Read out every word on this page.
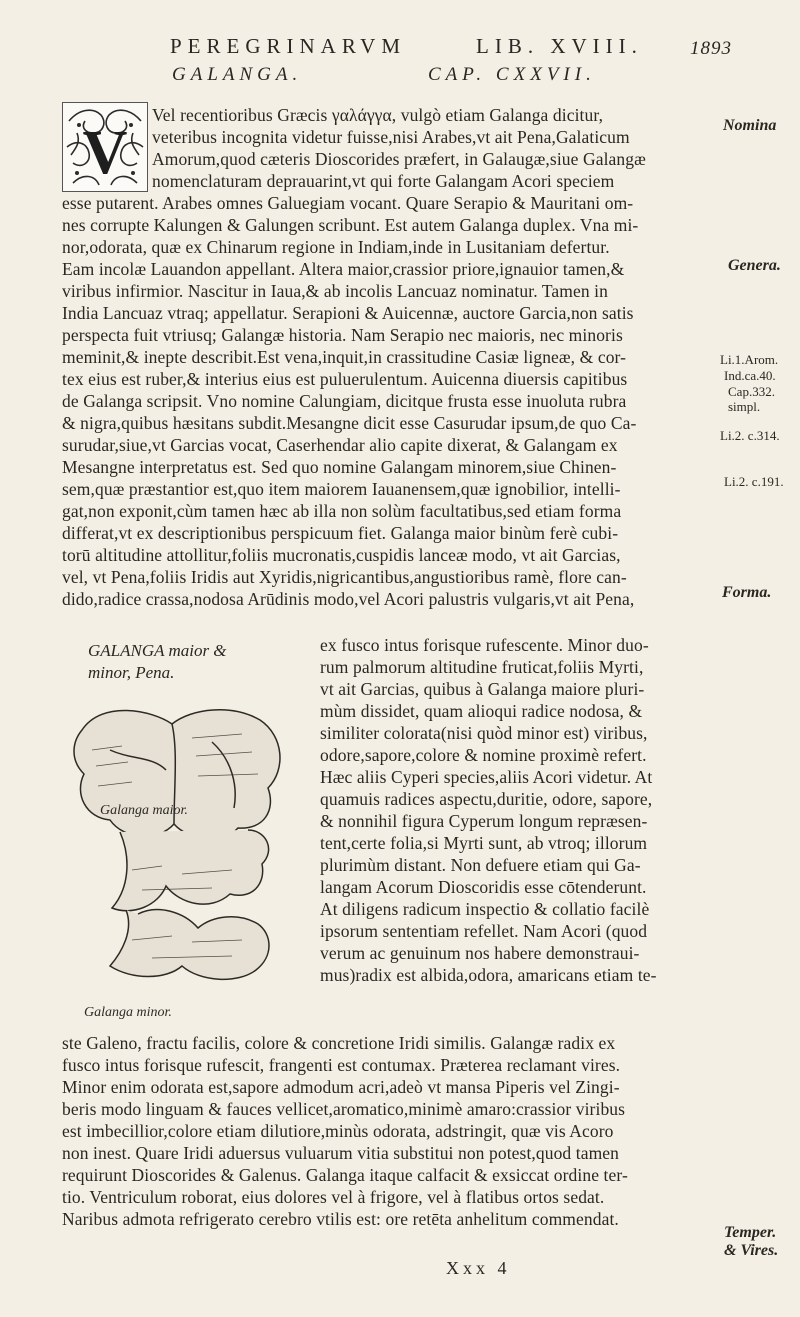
PEREGRINARVM	LIB. XVIII. 1893
GALANGA.	CAP. CXXVII.
V	Nomina
Genera.
Li.1.Arom.
Ind.ca.40.
Cap.332.
simpl.
Li.2. c.314.
Li.2. c.191.
Forma.
Temper.
& Vires.
Vel recentioribus Græcis γαλάγγα, vulgò etiam Galanga dicitur,
veteribus incognita videtur fuisse,nisi Arabes,vt ait Pena,Galaticum
Amorum,quod cæteris Dioscorides præfert, in Galaugæ,siue Galangæ
nomenclaturam deprauarint,vt qui forte Galangam Acori speciem
esse putarent. Arabes omnes Galuegiam vocant. Quare Serapio & Mauritani om-
nes corrupte Kalungen & Galungen scribunt. Est autem Galanga duplex. Vna mi-
nor,odorata, quæ ex Chinarum regione in Indiam,inde in Lusitaniam defertur.
Eam incolæ Lauandon appellant. Altera maior,crassior priore,ignauior tamen,&
viribus infirmior. Nascitur in Iaua,& ab incolis Lancuaz nominatur. Tamen in
India Lancuaz vtraq; appellatur. Serapioni & Auicennæ, auctore Garcia,non satis
perspecta fuit vtriusq; Galangæ historia. Nam Serapio nec maioris, nec minoris
meminit,& inepte describit.Est vena,inquit,in crassitudine Casiæ ligneæ, & cor-
tex eius est ruber,& interius eius est puluerulentum. Auicenna diuersis capitibus
de Galanga scripsit. Vno nomine Calungiam, dicitque frusta esse inuoluta rubra
& nigra,quibus hæsitans subdit.Mesangne dicit esse Casurudar ipsum,de quo Ca-
surudar,siue,vt Garcias vocat, Caserhendar alio capite dixerat, & Galangam ex
Mesangne interpretatus est. Sed quo nomine Galangam minorem,siue Chinen-
sem,quæ præstantior est,quo item maiorem Iauanensem,quæ ignobilior, intelli-
gat,non exponit,cùm tamen hæc ab illa non solùm facultatibus,sed etiam forma
differat,vt ex descriptionibus perspicuum fiet. Galanga maior binùm ferè cubi-
torū altitudine attollitur,foliis mucronatis,cuspidis lanceæ modo, vt ait Garcias,
vel, vt Pena,foliis Iridis aut Xyridis,nigricantibus,angustioribus ramè, flore can-
dido,radice crassa,nodosa Arūdinis modo,vel Acori palustris vulgaris,vt ait Pena,
ex fusco intus forisque rufescente. Minor duo-
rum palmorum altitudine fruticat,foliis Myrti,
vt ait Garcias, quibus à Galanga maiore pluri-
mùm dissidet, quam alioqui radice nodosa, &
similiter colorata(nisi quòd minor est) viribus,
odore,sapore,colore & nomine proximè refert.
Hæc aliis Cyperi species,aliis Acori videtur. At
quamuis radices aspectu,duritie, odore, sapore,
& nonnihil figura Cyperum longum repræsen-
tent,certe folia,si Myrti sunt, ab vtroq; illorum
plurimùm distant. Non defuere etiam qui Ga-
langam Acorum Dioscoridis esse cōtenderunt.
At diligens radicum inspectio & collatio facilè
ipsorum sententiam refellet. Nam Acori (quod
verum ac genuinum nos habere demonstraui-
mus)radix est albida,odora, amaricans etiam te-
ste Galeno, fractu facilis, colore & concretione Iridi similis. Galangæ radix ex
fusco intus forisque rufescit, frangenti est contumax. Præterea reclamant vires.
Minor enim odorata est,sapore admodum acri,adeò vt mansa Piperis vel Zingi-
beris modo linguam & fauces vellicet,aromatico,minimè amaro:crassior viribus
est imbecillior,colore etiam dilutiore,minùs odorata, adstringit, quæ vis Acoro
non inest. Quare Iridi aduersus vuluarum vitia substitui non potest,quod tamen
requirunt Dioscorides & Galenus. Galanga itaque calfacit & exsiccat ordine ter-
tio. Ventriculum roborat, eius dolores vel à frigore, vel à flatibus ortos sedat.
Naribus admota refrigerato cerebro vtilis est: ore retēta anhelitum commendat.
GALANGA maior &
minor, Pena.
Galanga maior.
Galanga minor.
Xxx 4
